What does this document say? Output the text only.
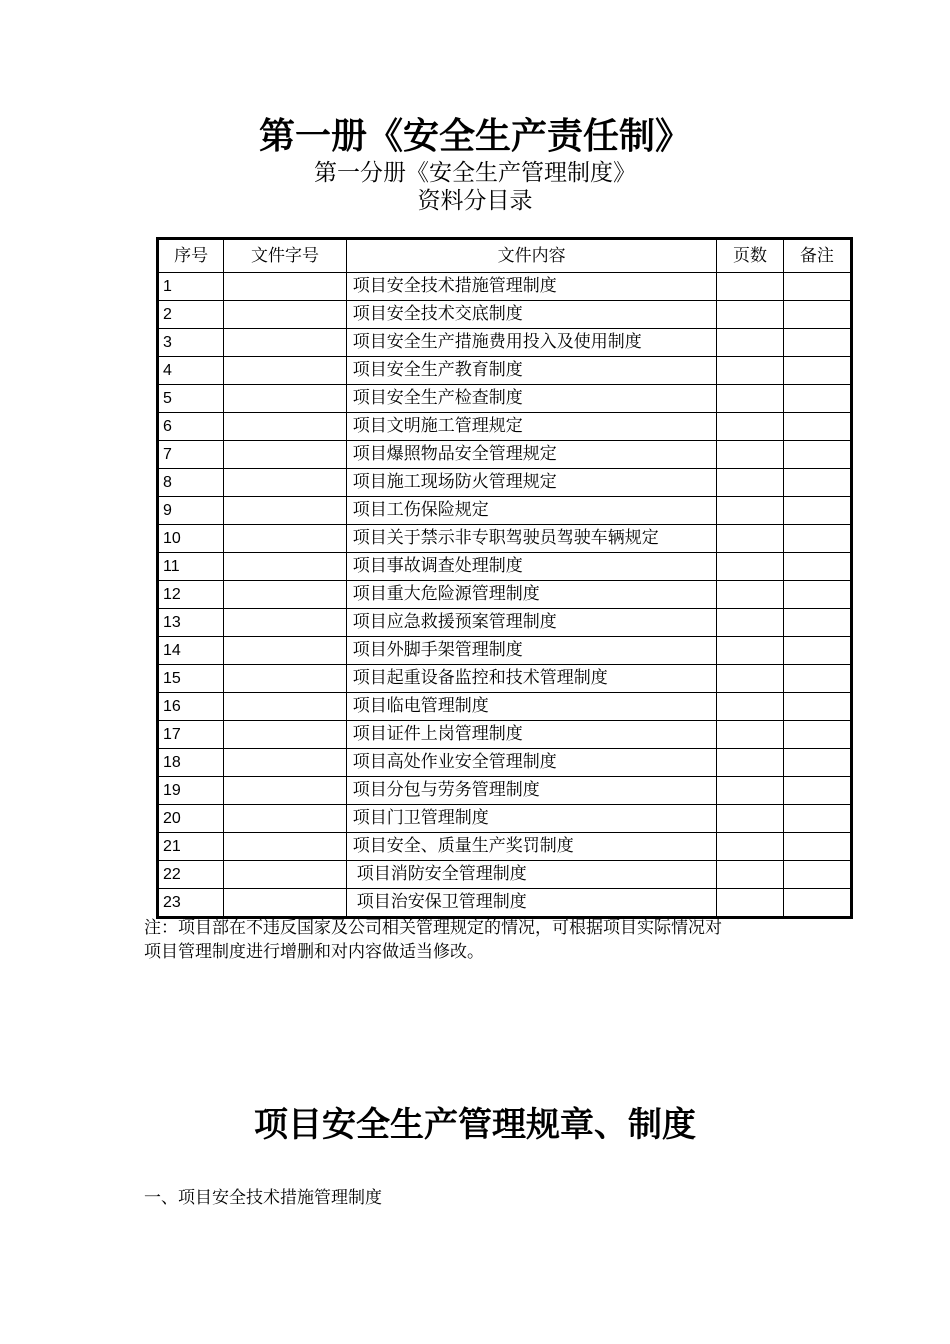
第一册《安全生产责任制》
第一分册《安全生产管理制度》
资料分目录
序号	文件字号	文件内容	页数	备注
1		项目安全技术措施管理制度		
2		项目安全技术交底制度		
3		项目安全生产措施费用投入及使用制度		
4		项目安全生产教育制度		
5		项目安全生产检查制度		
6		项目文明施工管理规定		
7		项目爆照物品安全管理规定		
8		项目施工现场防火管理规定		
9		项目工伤保险规定		
10		项目关于禁示非专职驾驶员驾驶车辆规定		
11		项目事故调查处理制度		
12		项目重大危险源管理制度		
13		项目应急救援预案管理制度		
14		项目外脚手架管理制度		
15		项目起重设备监控和技术管理制度		
16		项目临电管理制度		
17		项目证件上岗管理制度		
18		项目高处作业安全管理制度		
19		项目分包与劳务管理制度		
20		项目门卫管理制度		
21		项目安全、质量生产奖罚制度		
22		项目消防安全管理制度		
23		项目治安保卫管理制度		
注：项目部在不违反国家及公司相关管理规定的情况，可根据项目实际情况对
项目管理制度进行增删和对内容做适当修改。
项目安全生产管理规章、制度
一、项目安全技术措施管理制度
